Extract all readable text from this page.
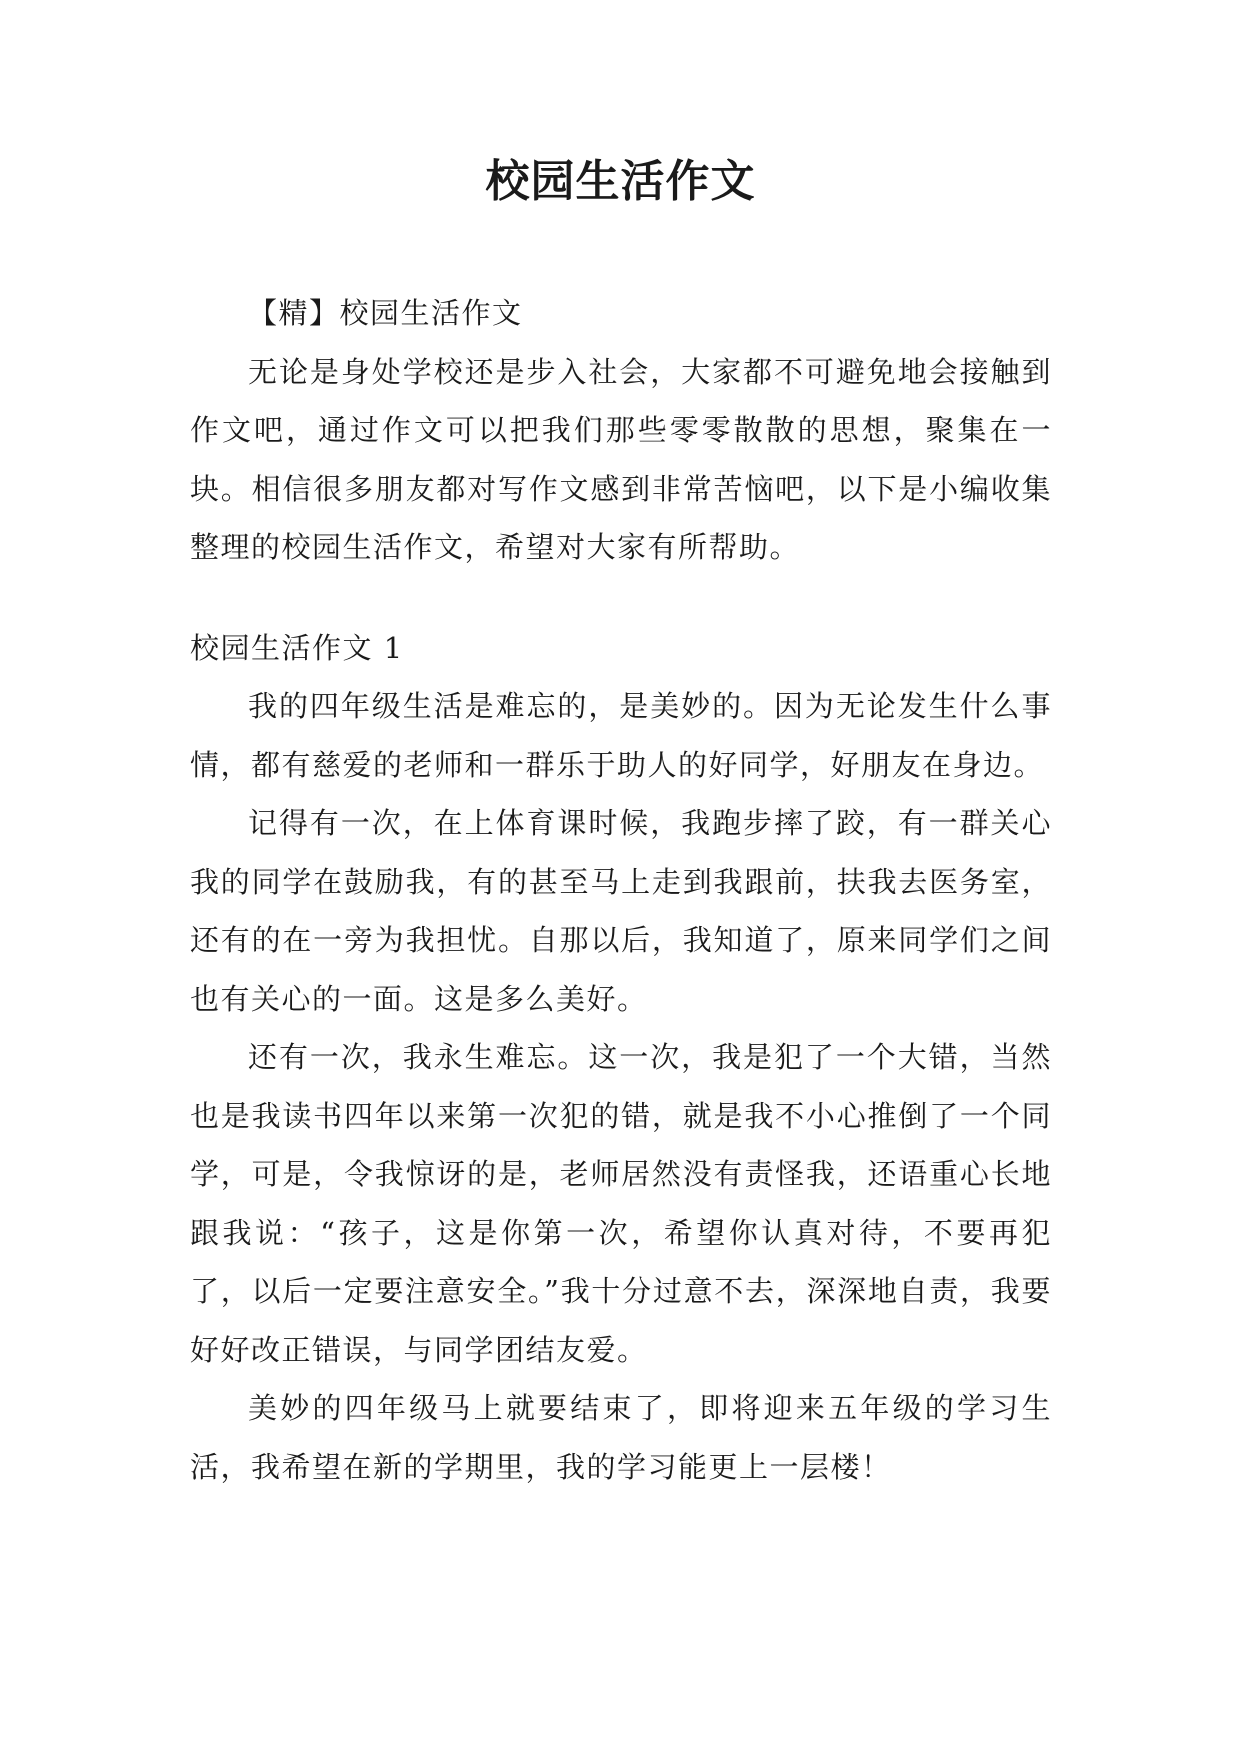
校园生活作文

【精】校园生活作文

无论是身处学校还是步入社会，大家都不可避免地会接触到作文吧，通过作文可以把我们那些零零散散的思想，聚集在一块。相信很多朋友都对写作文感到非常苦恼吧，以下是小编收集整理的校园生活作文，希望对大家有所帮助。

校园生活作文 1

我的四年级生活是难忘的，是美妙的。因为无论发生什么事情，都有慈爱的老师和一群乐于助人的好同学，好朋友在身边。

记得有一次，在上体育课时候，我跑步摔了跤，有一群关心我的同学在鼓励我，有的甚至马上走到我跟前，扶我去医务室，还有的在一旁为我担忧。自那以后，我知道了，原来同学们之间也有关心的一面。这是多么美好。

还有一次，我永生难忘。这一次，我是犯了一个大错，当然也是我读书四年以来第一次犯的错，就是我不小心推倒了一个同学，可是，令我惊讶的是，老师居然没有责怪我，还语重心长地跟我说：“孩子，这是你第一次，希望你认真对待，不要再犯了，以后一定要注意安全。”我十分过意不去，深深地自责，我要好好改正错误，与同学团结友爱。

美妙的四年级马上就要结束了，即将迎来五年级的学习生活，我希望在新的学期里，我的学习能更上一层楼！
